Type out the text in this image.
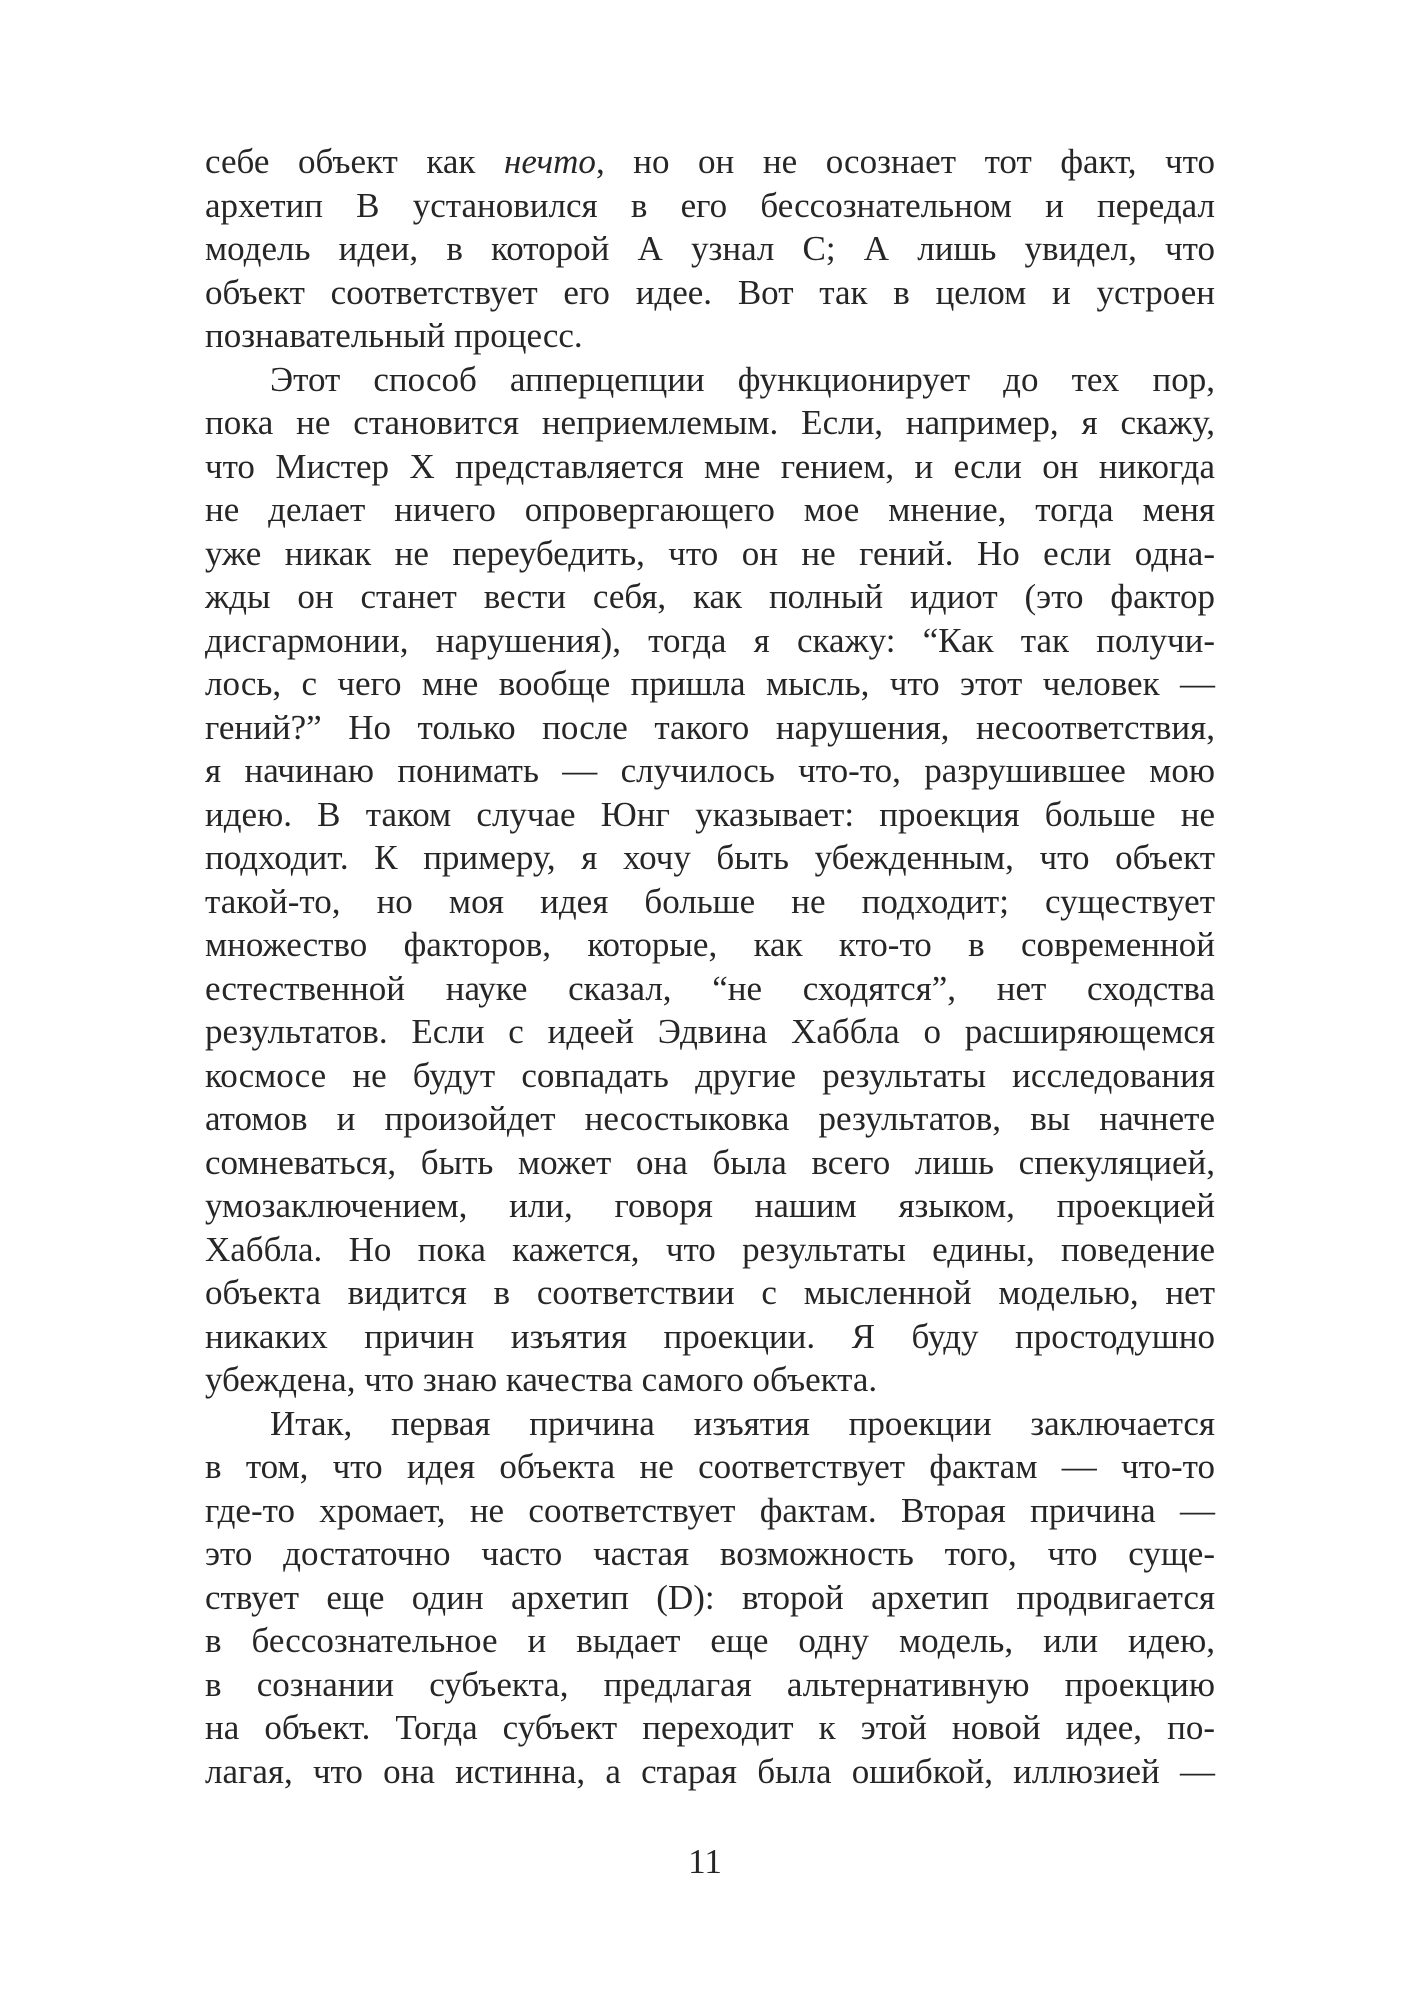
себе объект как нечто, но он не осознает тот факт, что
архетип В установился в его бессознательном и передал
модель идеи, в которой А узнал С; А лишь увидел, что
объект соответствует его идее. Вот так в целом и устроен
познавательный процесс.
Этот способ апперцепции функционирует до тех пор,
пока не становится неприемлемым. Если, например, я скажу,
что Мистер Х представляется мне гением, и если он никогда
не делает ничего опровергающего мое мнение, тогда меня
уже никак не переубедить, что он не гений. Но если одна-
жды он станет вести себя, как полный идиот (это фактор
дисгармонии, нарушения), тогда я скажу: “Как так получи-
лось, с чего мне вообще пришла мысль, что этот человек —
гений?” Но только после такого нарушения, несоответствия,
я начинаю понимать — случилось что-то, разрушившее мою
идею. В таком случае Юнг указывает: проекция больше не
подходит. К примеру, я хочу быть убежденным, что объект
такой-то, но моя идея больше не подходит; существует
множество факторов, которые, как кто-то в современной
естественной науке сказал, “не сходятся”, нет сходства
результатов. Если с идеей Эдвина Хаббла о расширяющемся
космосе не будут совпадать другие результаты исследования
атомов и произойдет несостыковка результатов, вы начнете
сомневаться, быть может она была всего лишь спекуляцией,
умозаключением, или, говоря нашим языком, проекцией
Хаббла. Но пока кажется, что результаты едины, поведение
объекта видится в соответствии с мысленной моделью, нет
никаких причин изъятия проекции. Я буду простодушно
убеждена, что знаю качества самого объекта.
Итак, первая причина изъятия проекции заключается
в том, что идея объекта не соответствует фактам — что-то
где-то хромает, не соответствует фактам. Вторая причина —
это достаточно часто частая возможность того, что суще-
ствует еще один архетип (D): второй архетип продвигается
в бессознательное и выдает еще одну модель, или идею,
в сознании субъекта, предлагая альтернативную проекцию
на объект. Тогда субъект переходит к этой новой идее, по-
лагая, что она истинна, а старая была ошибкой, иллюзией —
11
